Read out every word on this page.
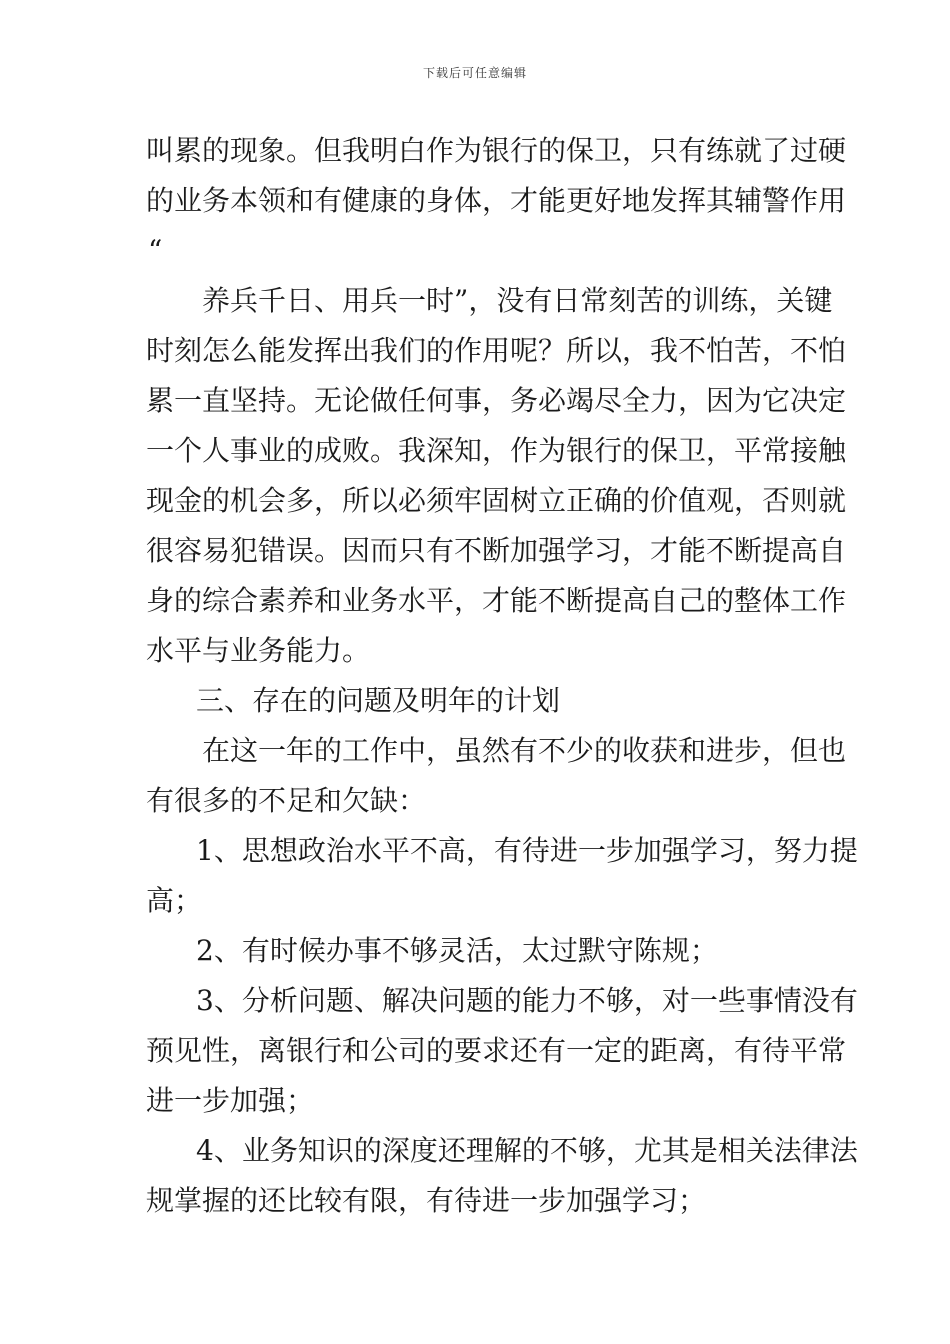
下载后可任意编辑
叫累的现象。但我明白作为银行的保卫，只有练就了过硬
的业务本领和有健康的身体，才能更好地发挥其辅警作用
“
养兵千日、用兵一时”，没有日常刻苦的训练，关键
时刻怎么能发挥出我们的作用呢？所以，我不怕苦，不怕
累一直坚持。无论做任何事，务必竭尽全力，因为它决定
一个人事业的成败。我深知，作为银行的保卫，平常接触
现金的机会多，所以必须牢固树立正确的价值观，否则就
很容易犯错误。因而只有不断加强学习，才能不断提高自
身的综合素养和业务水平，才能不断提高自己的整体工作
水平与业务能力。
三、存在的问题及明年的计划
在这一年的工作中，虽然有不少的收获和进步，但也
有很多的不足和欠缺：
1、思想政治水平不高，有待进一步加强学习，努力提
高；
2、有时候办事不够灵活，太过默守陈规；
3、分析问题、解决问题的能力不够，对一些事情没有
预见性，离银行和公司的要求还有一定的距离，有待平常
进一步加强；
4、业务知识的深度还理解的不够，尤其是相关法律法
规掌握的还比较有限，有待进一步加强学习；
